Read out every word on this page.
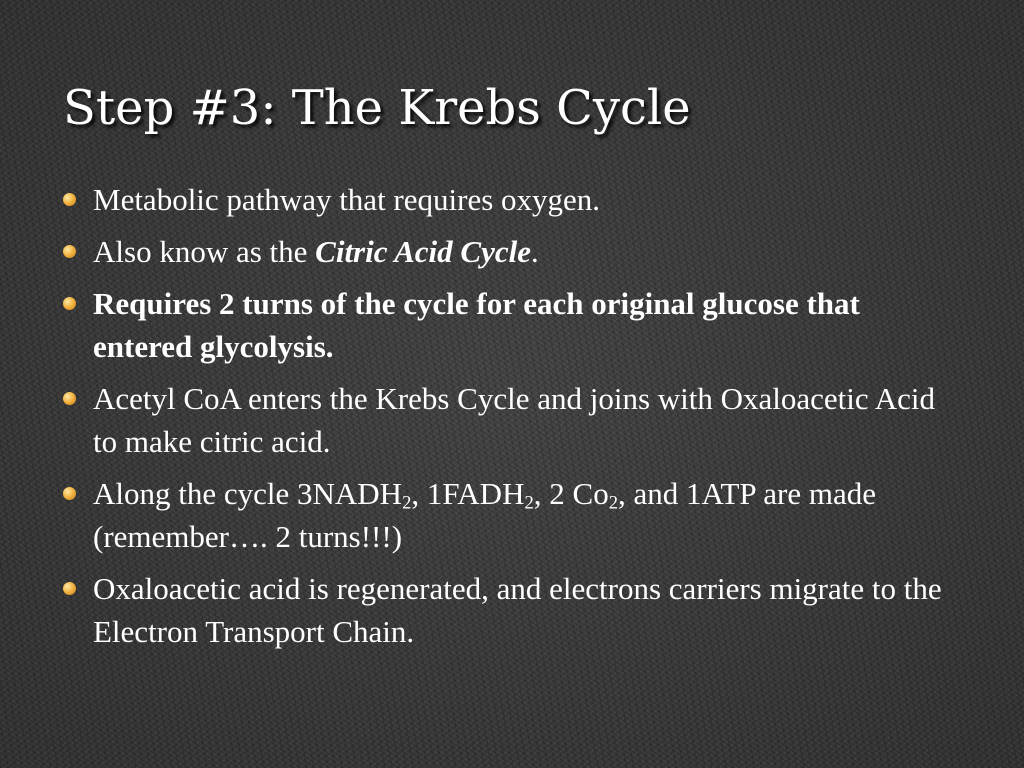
Step #3: The Krebs Cycle
Metabolic pathway that requires oxygen.
Also know as the Citric Acid Cycle.
Requires 2 turns of the cycle for each original glucose that entered glycolysis.
Acetyl CoA enters the Krebs Cycle and joins with Oxaloacetic Acid to make citric acid.
Along the cycle $3NADH_2$, $1FADH_2$, 2 $Co_2$, and 1ATP are made (remember…. 2 turns!!!)
Oxaloacetic acid is regenerated, and electrons carriers migrate to the Electron Transport Chain.
